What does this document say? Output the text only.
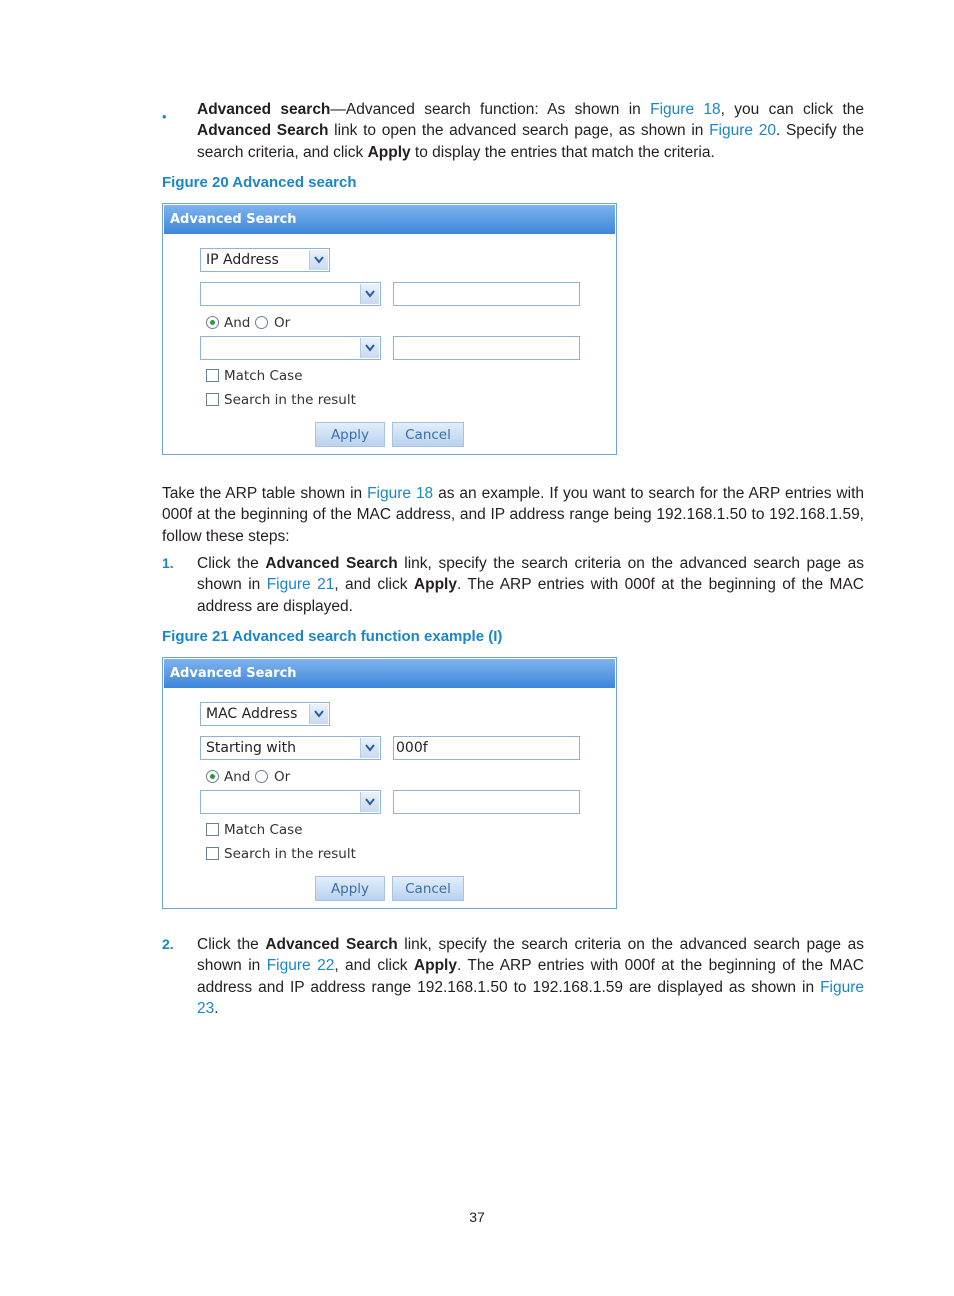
• Advanced search—Advanced search function: As shown in Figure 18, you can click the Advanced Search link to open the advanced search page, as shown in Figure 20. Specify the search criteria, and click Apply to display the entries that match the criteria.

Figure 20 Advanced search

Advanced Search
IP Address
And Or
Match Case
Search in the result
Apply	Cancel

Take the ARP table shown in Figure 18 as an example. If you want to search for the ARP entries with 000f at the beginning of the MAC address, and IP address range being 192.168.1.50 to 192.168.1.59, follow these steps:

1. Click the Advanced Search link, specify the search criteria on the advanced search page as shown in Figure 21, and click Apply. The ARP entries with 000f at the beginning of the MAC address are displayed.

Figure 21 Advanced search function example (I)

Advanced Search
MAC Address
Starting with	000f
And Or
Match Case
Search in the result
Apply	Cancel
2. Click the Advanced Search link, specify the search criteria on the advanced search page as shown in Figure 22, and click Apply. The ARP entries with 000f at the beginning of the MAC address and IP address range 192.168.1.50 to 192.168.1.59 are displayed as shown in Figure 23.

37
